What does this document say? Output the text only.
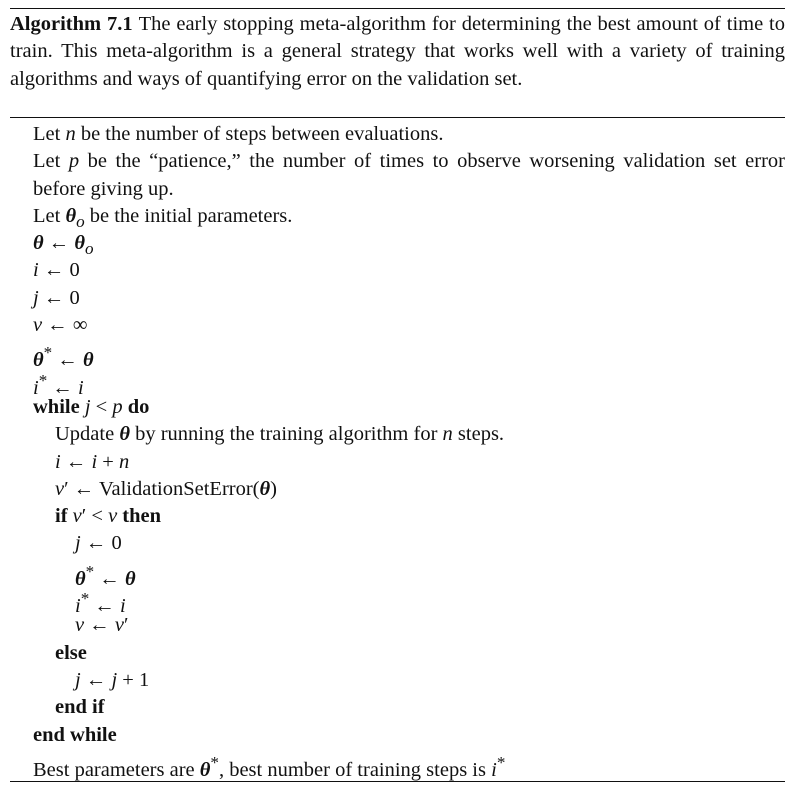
Algorithm 7.1 The early stopping meta-algorithm for determining the best amount of time to train. This meta-algorithm is a general strategy that works well with a variety of training algorithms and ways of quantifying error on the validation set.
Let n be the number of steps between evaluations.
Let p be the “patience,” the number of times to observe worsening validation set error before giving up.
Let $\theta_o$ be the initial parameters.
θ ← $\theta_o$
i ← 0
j ← 0
v ← ∞
θ* ← θ
i* ← i
while j < p do
Update θ by running the training algorithm for n steps.
i ← i + n
v′ ← ValidationSetError(θ)
if v′ < v then
j ← 0
θ* ← θ
i* ← i
v ← v′
else
j ← j + 1
end if
end while
Best parameters are θ*, best number of training steps is i*
